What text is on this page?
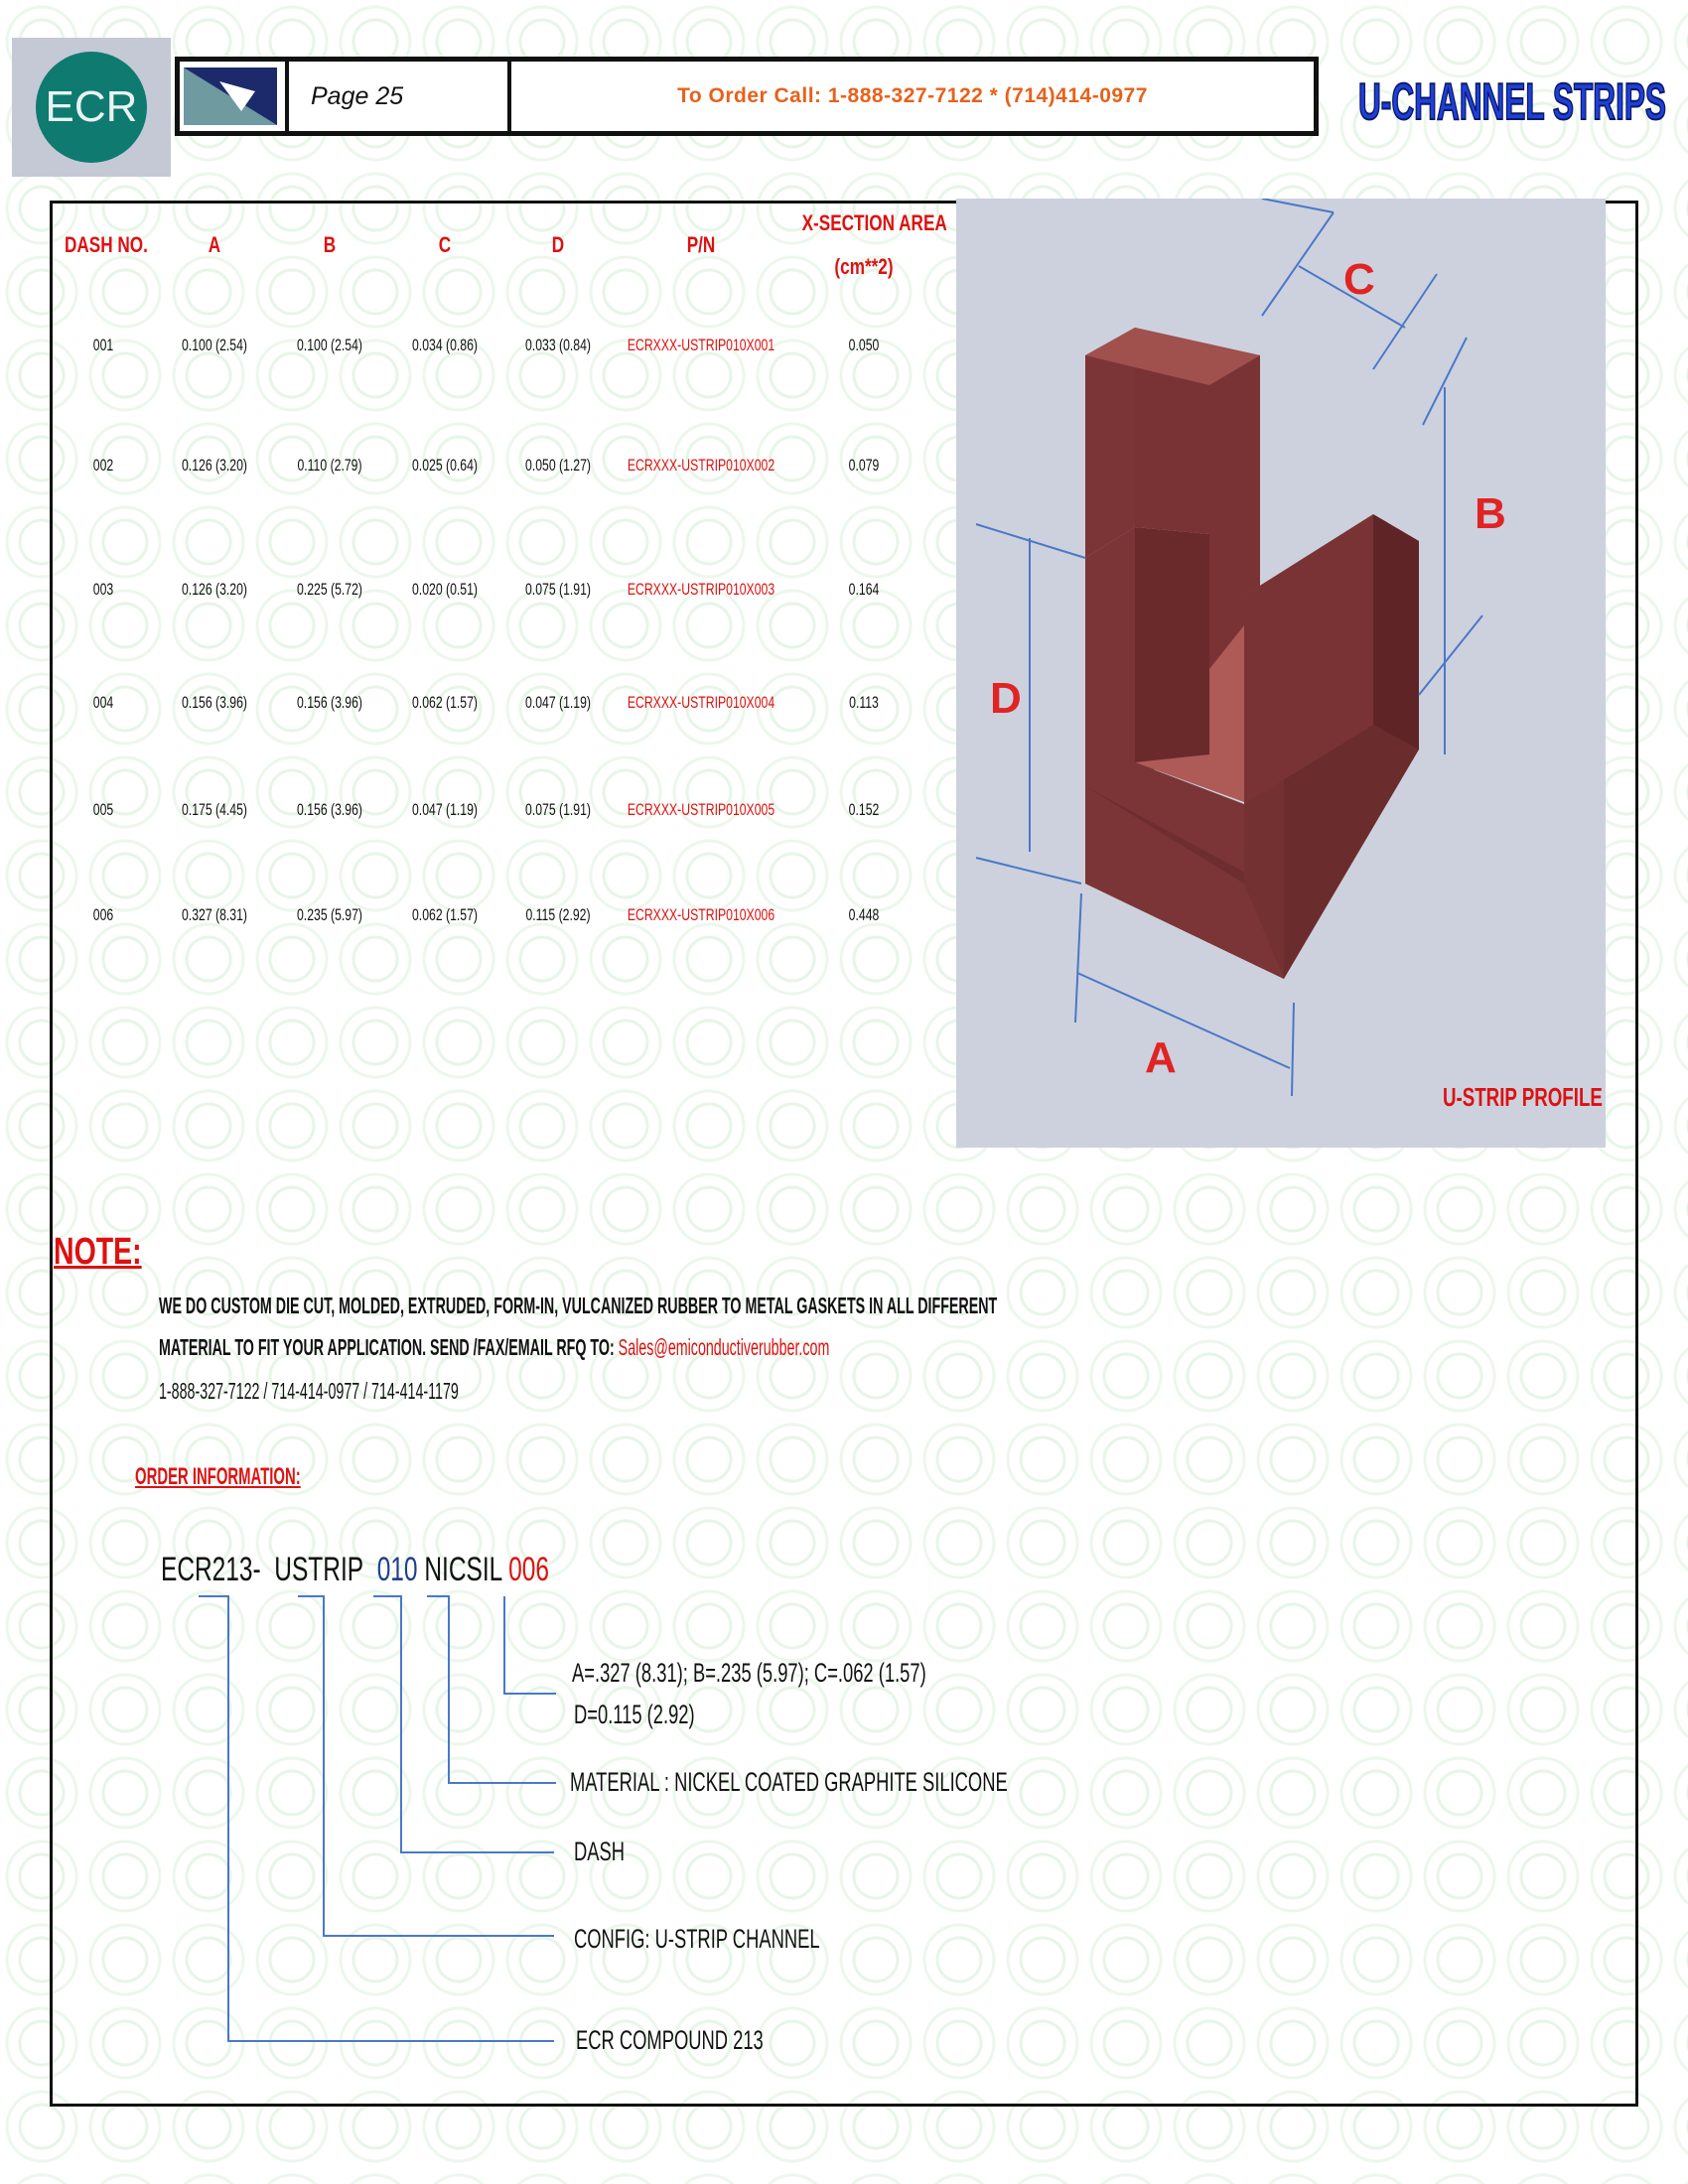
ECR	Page 25	To Order Call: 1-888-327-7122 * (714)414-0977	U-CHANNEL STRIPS
DASH NO.	A	B	C	D	P/N
X-SECTION AREA
(cm**2)
001	0.100 (2.54)	0.100 (2.54)	0.034 (0.86)	0.033 (0.84)	ECRXXX-USTRIP010X001	0.050
002	0.126 (3.20)	0.110 (2.79)	0.025 (0.64)	0.050 (1.27)	ECRXXX-USTRIP010X002	0.079
003	0.126 (3.20)	0.225 (5.72)	0.020 (0.51)	0.075 (1.91)	ECRXXX-USTRIP010X003	0.164
004	0.156 (3.96)	0.156 (3.96)	0.062 (1.57)	0.047 (1.19)	ECRXXX-USTRIP010X004	0.113
005	0.175 (4.45)	0.156 (3.96)	0.047 (1.19)	0.075 (1.91)	ECRXXX-USTRIP010X005	0.152
006	0.327 (8.31)	0.235 (5.97)	0.062 (1.57)	0.115 (2.92)	ECRXXX-USTRIP010X006	0.448
C
B
D
A
U-STRIP PROFILE
NOTE:
WE DO CUSTOM DIE CUT, MOLDED, EXTRUDED, FORM-IN, VULCANIZED RUBBER TO METAL GASKETS IN ALL DIFFERENT
MATERIAL TO FIT YOUR APPLICATION. SEND /FAX/EMAIL RFQ TO: Sales@emiconductiverubber.com
1-888-327-7122 / 714-414-0977 / 714-414-1179
ORDER INFORMATION:
ECR213- USTRIP 010 NICSIL 006
A=.327 (8.31); B=.235 (5.97); C=.062 (1.57)
D=0.115 (2.92)
MATERIAL : NICKEL COATED GRAPHITE SILICONE
DASH
CONFIG: U-STRIP CHANNEL
ECR COMPOUND 213
